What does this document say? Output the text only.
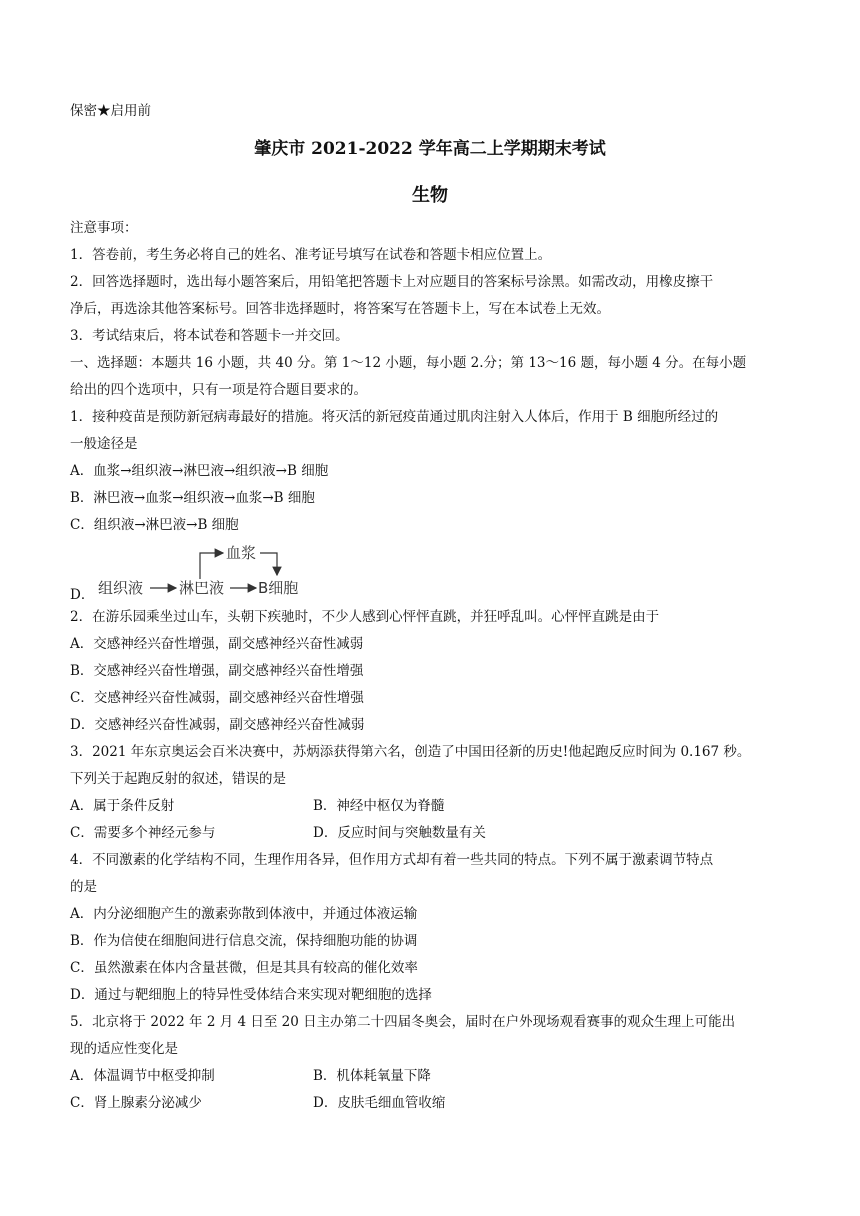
保密★启用前
肇庆市 2021-2022 学年高二上学期期末考试
生物
注意事项：
1．答卷前，考生务必将自己的姓名、准考证号填写在试卷和答题卡相应位置上。
2．回答选择题时，选出每小题答案后，用铅笔把答题卡上对应题目的答案标号涂黑。如需改动，用橡皮擦干
净后，再选涂其他答案标号。回答非选择题时，将答案写在答题卡上，写在本试卷上无效。
3．考试结束后，将本试卷和答题卡一并交回。
一、选择题：本题共 16 小题，共 40 分。第 1～12 小题，每小题 2.分；第 13～16 题，每小题 4 分。在每小题
给出的四个选项中，只有一项是符合题目要求的。
1．接种疫苗是预防新冠病毒最好的措施。将灭活的新冠疫苗通过肌肉注射入人体后，作用于 B 细胞所经过的
一般途径是
A．血浆→组织液→淋巴液→组织液→B 细胞
B．淋巴液→血浆→组织液→血浆→B 细胞
C．组织液→淋巴液→B 细胞
D． 组织液 淋巴液 B细胞
血浆
2．在游乐园乘坐过山车，头朝下疾驰时，不少人感到心怦怦直跳，并狂呼乱叫。心怦怦直跳是由于
A．交感神经兴奋性增强，副交感神经兴奋性减弱
B．交感神经兴奋性增强，副交感神经兴奋性增强
C．交感神经兴奋性减弱，副交感神经兴奋性增强
D．交感神经兴奋性减弱，副交感神经兴奋性减弱
3．2021 年东京奥运会百米决赛中，苏炳添获得第六名，创造了中国田径新的历史!他起跑反应时间为 0.167 秒。
下列关于起跑反射的叙述，错误的是
A．属于条件反射	B．神经中枢仅为脊髓
C．需要多个神经元参与	D．反应时间与突触数量有关
4．不同激素的化学结构不同，生理作用各异，但作用方式却有着一些共同的特点。下列不属于激素调节特点
的是
A．内分泌细胞产生的激素弥散到体液中，并通过体液运输
B．作为信使在细胞间进行信息交流，保持细胞功能的协调
C．虽然激素在体内含量甚微，但是其具有较高的催化效率
D．通过与靶细胞上的特异性受体结合来实现对靶细胞的选择
5．北京将于 2022 年 2 月 4 日至 20 日主办第二十四届冬奥会，届时在户外现场观看赛事的观众生理上可能出
现的适应性变化是
A．体温调节中枢受抑制	B．机体耗氧量下降
C．肾上腺素分泌减少	D．皮肤毛细血管收缩
